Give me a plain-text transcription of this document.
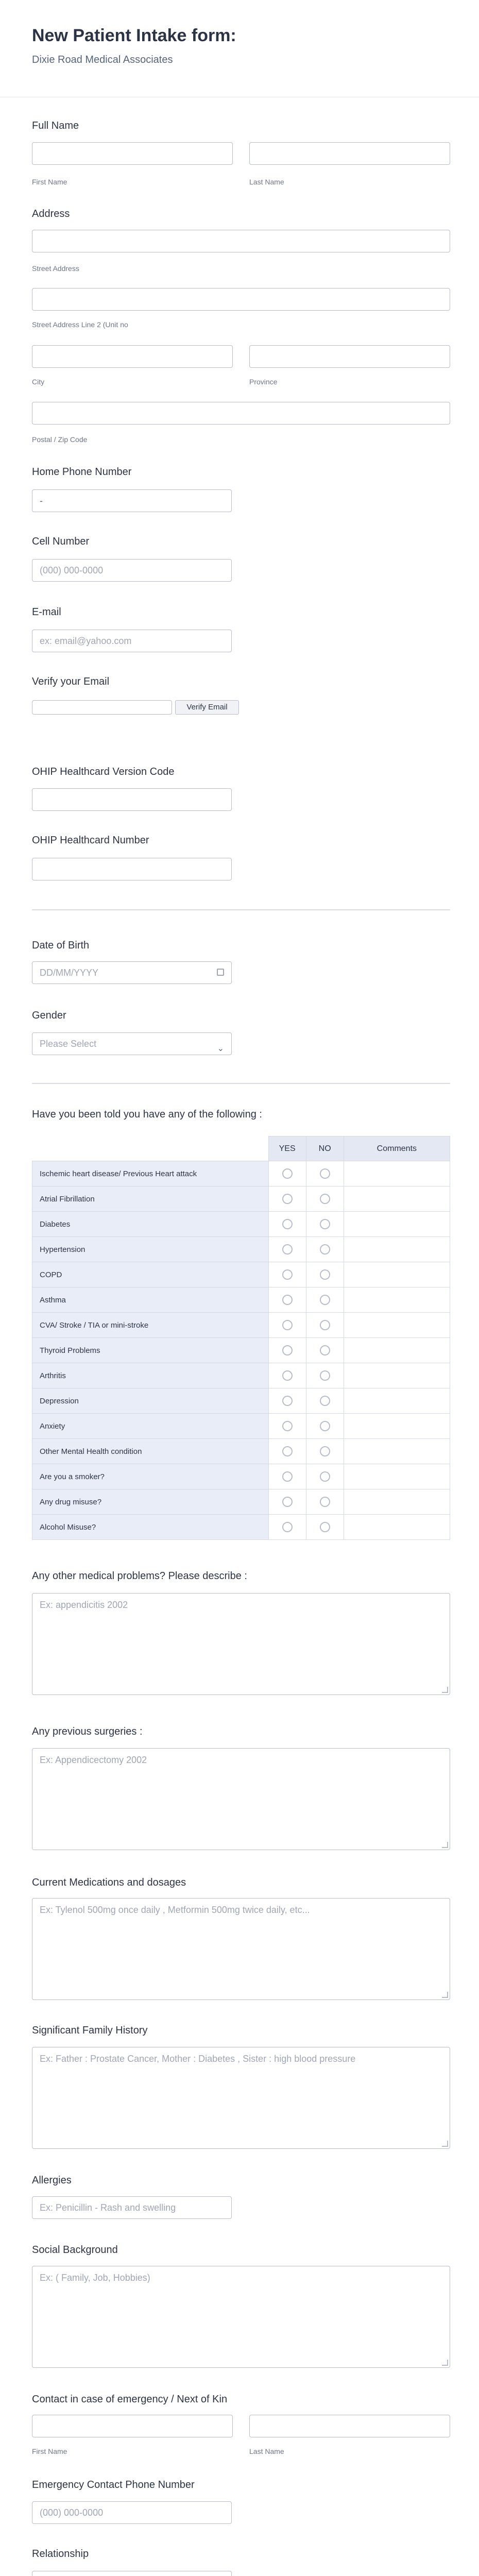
New Patient Intake form:
Dixie Road Medical Associates
Full Name
First Name	Last Name
Address
Street Address
Street Address Line 2 (Unit no
City	Province
Postal / Zip Code
Home Phone Number
-
Cell Number
(000) 000-0000
E-mail
ex: email@yahoo.com
Verify your Email
Verify Email
OHIP Healthcard Version Code
OHIP Healthcard Number
Date of Birth
DD/MM/YYYY
Gender
Please Select	⌄
Have you been told you have any of the following :
	YES	NO	Comments
Ischemic heart disease/ Previous Heart attack			
Atrial Fibrillation			
Diabetes			
Hypertension			
COPD			
Asthma			
CVA/ Stroke / TIA or mini-stroke			
Thyroid Problems			
Arthritis			
Depression			
Anxiety			
Other Mental Health condition			
Are you a smoker?			
Any drug misuse?			
Alcohol Misuse?			
Any other medical problems? Please describe :
Ex: appendicitis 2002
Any previous surgeries :
Ex: Appendicectomy 2002
Current Medications and dosages
Ex: Tylenol 500mg once daily , Metformin 500mg twice daily, etc...
Significant Family History
Ex: Father : Prostate Cancer, Mother : Diabetes , Sister : high blood pressure
Allergies
Ex: Penicillin - Rash and swelling
Social Background
Ex: ( Family, Job, Hobbies)
Contact in case of emergency / Next of Kin
First Name	Last Name
Emergency Contact Phone Number
(000) 000-0000
Relationship
